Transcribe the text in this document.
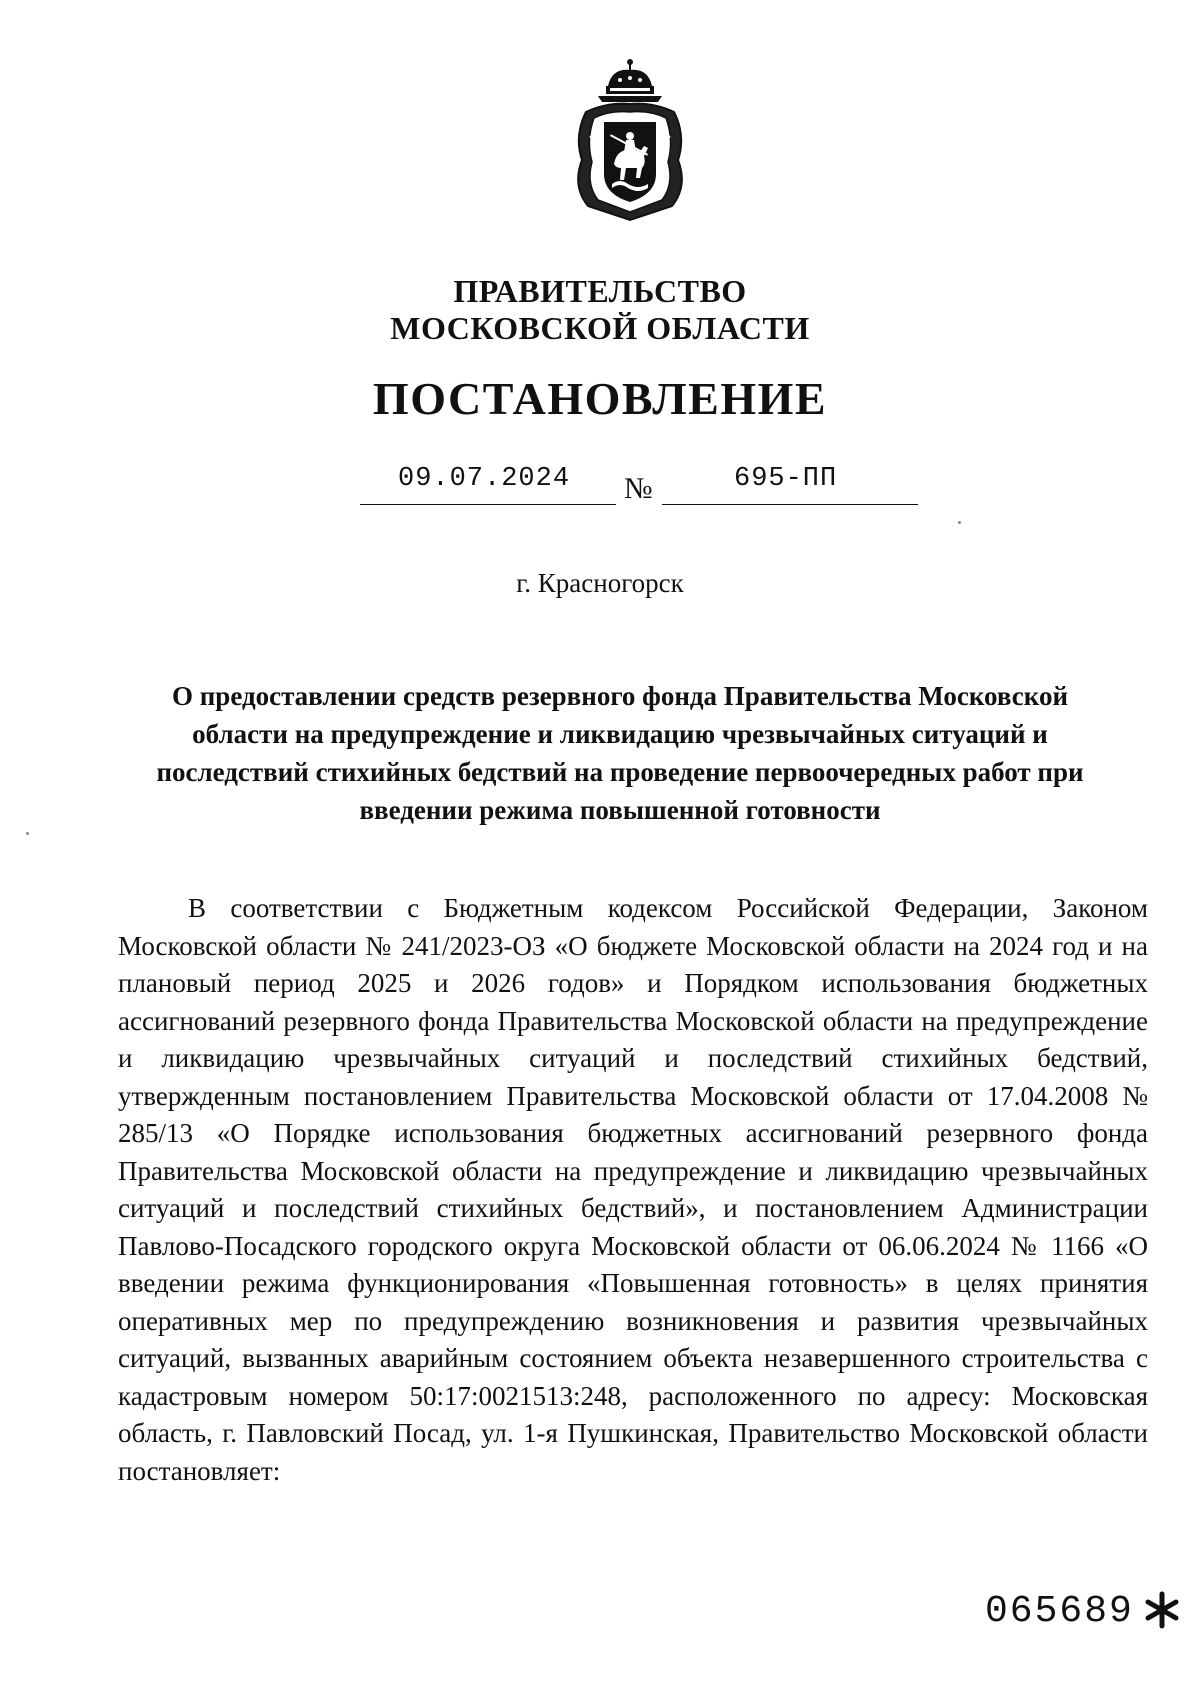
ПРАВИТЕЛЬСТВО
МОСКОВСКОЙ ОБЛАСТИ
ПОСТАНОВЛЕНИЕ
09.07.2024 №	695-ПП
г. Красногорск
О предоставлении средств резервного фонда Правительства Московской области на предупреждение и ликвидацию чрезвычайных ситуаций и последствий стихийных бедствий на проведение первоочередных работ при введении режима повышенной готовности
В соответствии с Бюджетным кодексом Российской Федерации, Законом Московской области № 241/2023-ОЗ «О бюджете Московской области на 2024 год и на плановый период 2025 и 2026 годов» и Порядком использования бюджетных ассигнований резервного фонда Правительства Московской области на предупреждение и ликвидацию чрезвычайных ситуаций и последствий стихийных бедствий, утвержденным постановлением Правительства Московской области от 17.04.2008 № 285/13 «О Порядке использования бюджетных ассигнований резервного фонда Правительства Московской области на предупреждение и ликвидацию чрезвычайных ситуаций и последствий стихийных бедствий», и постановлением Администрации Павлово-Посадского городского округа Московской области от 06.06.2024 № 1166 «О введении режима функционирования «Повышенная готовность» в целях принятия оперативных мер по предупреждению возникновения и развития чрезвычайных ситуаций, вызванных аварийным состоянием объекта незавершенного строительства с кадастровым номером 50:17:0021513:248, расположенного по адресу: Московская область, г. Павловский Посад, ул. 1-я Пушкинская, Правительство Московской области постановляет:
065689
